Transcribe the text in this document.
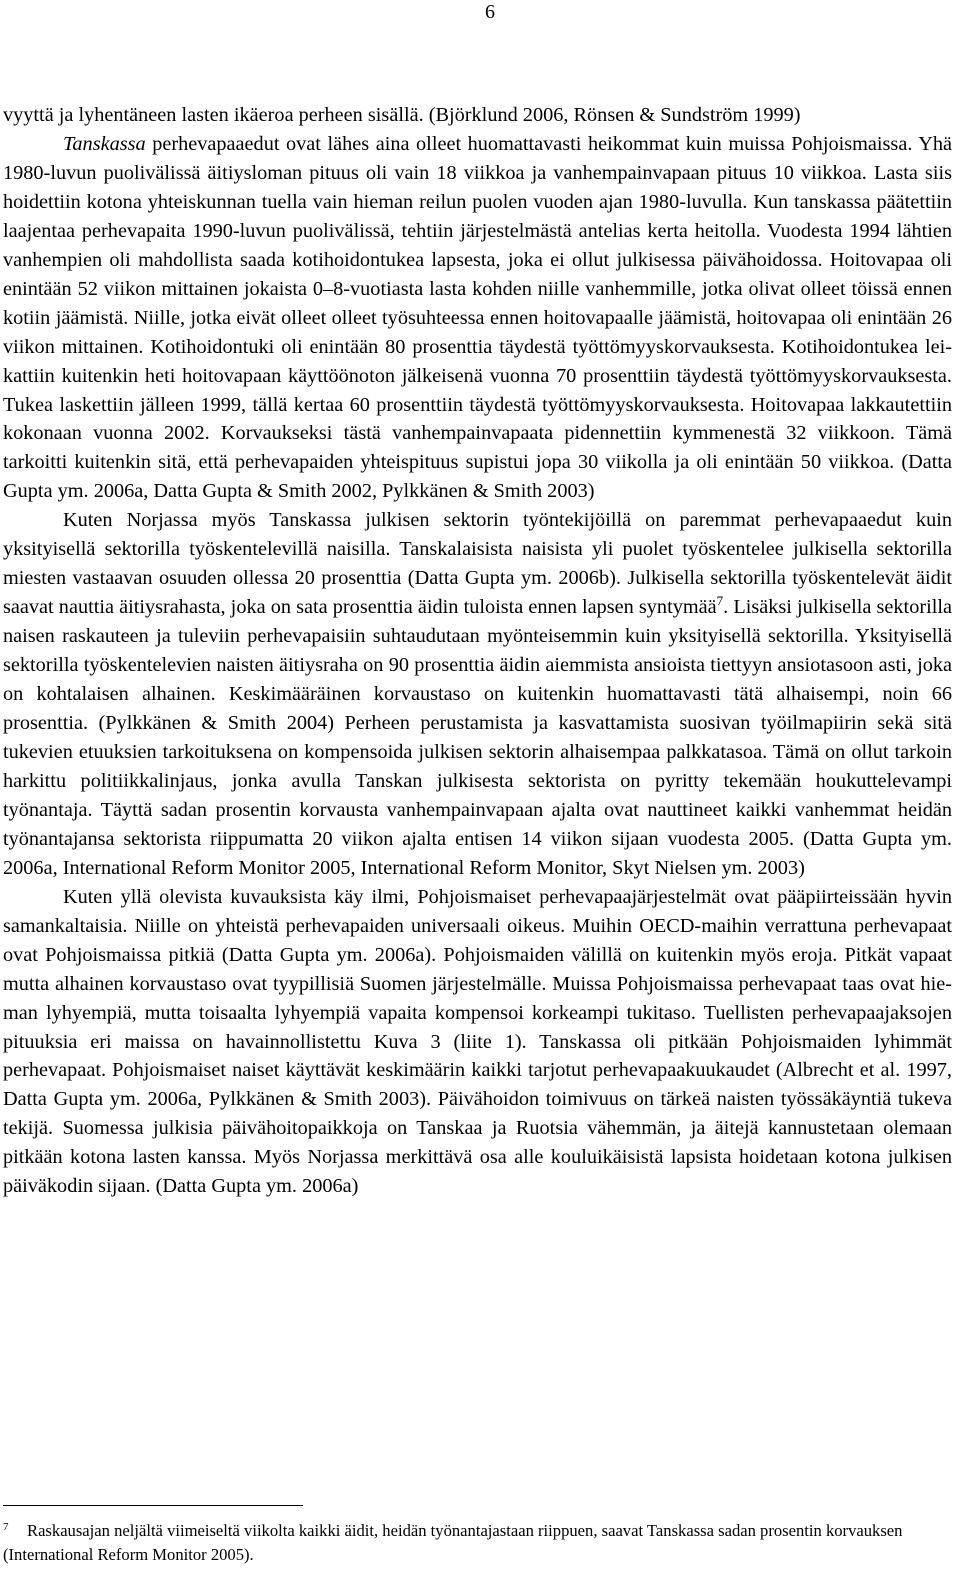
6

vyyttä ja lyhentäneen lasten ikäeroa perheen sisällä. (Björklund 2006, Rönsen & Sundström 1999)

Tanskassa perhevapaaedut ovat lähes aina olleet huomattavasti heikommat kuin muissa Pohjoismaissa. Yhä 1980-luvun puolivälissä äitiysloman pituus oli vain 18 viikkoa ja vanhempainvapaan pituus 10 viikkoa. Lasta siis hoidettiin kotona yhteiskunnan tuella vain hieman reilun puolen vuoden ajan 1980-luvulla. Kun tanskassa päätettiin laajentaa perhevapaita 1990-luvun puolivälissä, tehtiin järjestelmästä antelias kerta heitolla. Vuodesta 1994 lähtien vanhempien oli mahdollista saada kotihoidontukea lapsesta, joka ei ollut julkisessa päivähoidossa. Hoitovapaa oli enintään 52 viikon mittainen jokaista 0–8-vuotiasta lasta kohden niille vanhemmille, jotka olivat olleet töissä ennen kotiin jäämistä. Niille, jotka eivät olleet olleet työsuhteessa ennen hoitovapaalle jäämistä, hoitovapaa oli enintään 26 viikon mittainen. Kotihoidontuki oli enintään 80 prosenttia täydestä työttömyyskorvauksesta. Kotihoidontukea leikattiin kuitenkin heti hoitovapaan käyttöönoton jälkeisenä vuonna 70 prosenttiin täydestä työttömyyskorvauksesta. Tukea laskettiin jälleen 1999, tällä kertaa 60 prosenttiin täydestä työttömyyskorvauksesta. Hoitovapaa lakkautettiin kokonaan vuonna 2002. Korvaukseksi tästä vanhempainvapaata pidennettiin kymmenestä 32 viikkoon. Tämä tarkoitti kuitenkin sitä, että perhevapaiden yhteispituus supistui jopa 30 viikolla ja oli enintään 50 viikkoa. (Datta Gupta ym. 2006a, Datta Gupta & Smith 2002, Pylkkänen & Smith 2003)

Kuten Norjassa myös Tanskassa julkisen sektorin työntekijöillä on paremmat perhevapaaedut kuin yksityisellä sektorilla työskentelevillä naisilla. Tanskalaisista naisista yli puolet työskentelee julkisella sektorilla miesten vastaavan osuuden ollessa 20 prosenttia (Datta Gupta ym. 2006b). Julkisella sektorilla työskentelevät äidit saavat nauttia äitiysrahasta, joka on sata prosenttia äidin tuloista ennen lapsen syntymää$^7$. Lisäksi julkisella sektorilla naisen raskauteen ja tuleviin perhevapaisiin suhtaudutaan myönteisemmin kuin yksityisellä sektorilla. Yksityisellä sektorilla työskentelevien naisten äitiysraha on 90 prosenttia äidin aiemmista ansioista tiettyyn ansiotasoon asti, joka on kohtalaisen alhainen. Keskimääräinen korvaustaso on kuitenkin huomattavasti tätä alhaisempi, noin 66 prosenttia. (Pylkkänen & Smith 2004) Perheen perustamista ja kasvattamista suosivan työilmapiirin sekä sitä tukevien etuuksien tarkoituksena on kompensoida julkisen sektorin alhaisempaa palkkatasoa. Tämä on ollut tarkoin harkittu politiikkalinjaus, jonka avulla Tanskan julkisesta sektorista on pyritty tekemään houkuttelevampi työnantaja. Täyttä sadan prosentin korvausta vanhempainvapaan ajalta ovat nauttineet kaikki vanhemmat heidän työnantajansa sektorista riippumatta 20 viikon ajalta entisen 14 viikon sijaan vuodesta 2005. (Datta Gupta ym. 2006a, International Reform Monitor 2005, International Reform Monitor, Skyt Nielsen ym. 2003)

Kuten yllä olevista kuvauksista käy ilmi, Pohjoismaiset perhevapaajärjestelmät ovat pääpiirteissään hyvin samankaltaisia. Niille on yhteistä perhevapaiden universaali oikeus. Muihin OECD-maihin verrattuna perhevapaat ovat Pohjoismaissa pitkiä (Datta Gupta ym. 2006a). Pohjoismaiden välillä on kuitenkin myös eroja. Pitkät vapaat mutta alhainen korvaustaso ovat tyypillisiä Suomen järjestelmälle. Muissa Pohjoismaissa perhevapaat taas ovat hieman lyhyempiä, mutta toisaalta lyhyempiä vapaita kompensoi korkeampi tukitaso. Tuellisten perhevapaajaksojen pituuksia eri maissa on havainnollistettu Kuva 3 (liite 1). Tanskassa oli pitkään Pohjoismaiden lyhimmät perhevapaat. Pohjoismaiset naiset käyttävät keskimäärin kaikki tarjotut perhevapaakuukaudet (Albrecht et al. 1997, Datta Gupta ym. 2006a, Pylkkänen & Smith 2003). Päivähoidon toimivuus on tärkeä naisten työssäkäyntiä tukeva tekijä. Suomessa julkisia päivähoitopaikkoja on Tanskaa ja Ruotsia vähemmän, ja äitejä kannustetaan olemaan pitkään kotona lasten kanssa. Myös Norjassa merkittävä osa alle kouluikäisistä lapsista hoidetaan kotona julkisen päiväkodin sijaan. (Datta Gupta ym. 2006a)

7 Raskausajan neljältä viimeiseltä viikolta kaikki äidit, heidän työnantajastaan riippuen, saavat Tanskassa sadan prosentin korvauksen (International Reform Monitor 2005).
